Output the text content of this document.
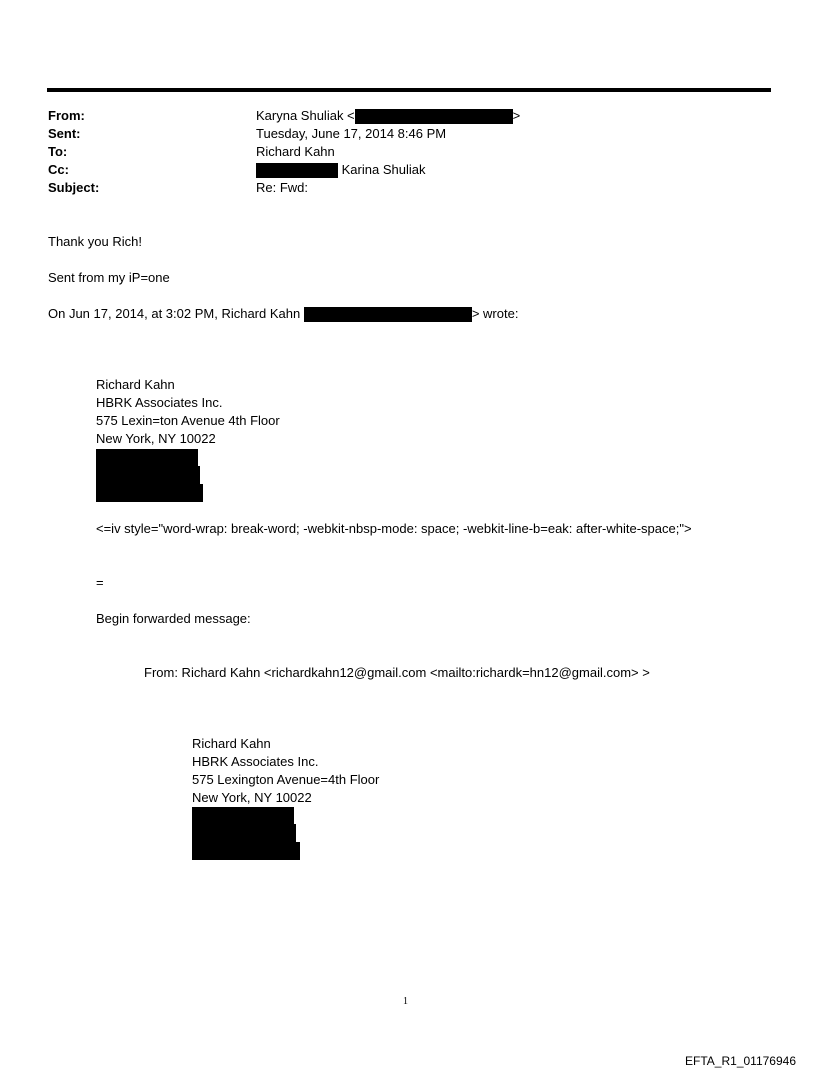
From:
Sent:
To:
Cc:
Subject:
Karyna Shuliak <	>
Tuesday, June 17, 2014 8:46 PM
Richard Kahn
Karina Shuliak
Re: Fwd:
Thank you Rich!
Sent from my iP=one
On Jun 17, 2014, at 3:02 PM, Richard Kahn	> wrote:
Richard Kahn
HBRK Associates Inc.
575 Lexin=ton Avenue 4th Floor
New York, NY 10022
<=iv style="word-wrap: break-word; -webkit-nbsp-mode: space; -webkit-line-b=eak: after-white-space;">
=
Begin forwarded message:
From: Richard Kahn <richardkahn12@gmail.com <mailto:richardk=hn12@gmail.com> >
Richard Kahn
HBRK Associates Inc.
575 Lexington Avenue=4th Floor
New York, NY 10022
1
EFTA_R1_01176946
